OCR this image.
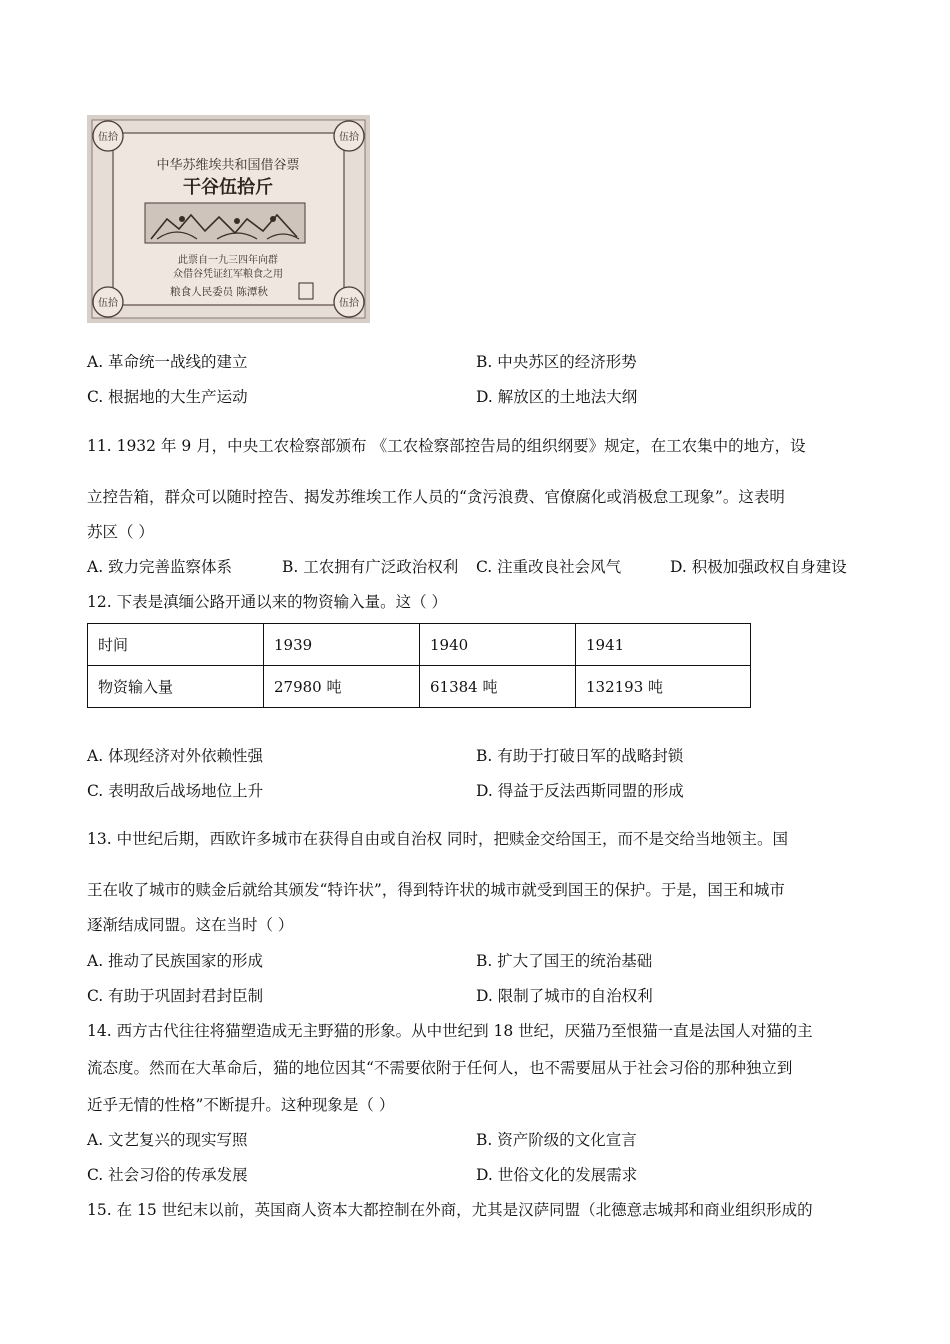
伍拾	伍拾
伍拾	伍拾
中华苏维埃共和国借谷票
干谷伍拾斤
此票自一九三四年向群
众借谷凭证红军粮食之用
粮食人民委员 陈潭秋
A. 革命统一战线的建立	B. 中央苏区的经济形势
C. 根据地的大生产运动	D. 解放区的土地法大纲
11. 1932 年 9 月，中央工农检察部颁布 《工农检察部控告局的组织纲要》规定，在工农集中的地方，设
立控告箱，群众可以随时控告、揭发苏维埃工作人员的“贪污浪费、官僚腐化或消极怠工现象”。这表明
苏区（ ）
A. 致力完善监察体系	B. 工农拥有广泛政治权利 C. 注重改良社会风气	D. 积极加强政权自身建设
12. 下表是滇缅公路开通以来的物资输入量。这（ ）
时间	1939	1940	1941
物资输入量	27980 吨	61384 吨	132193 吨
A. 体现经济对外依赖性强	B. 有助于打破日军的战略封锁
C. 表明敌后战场地位上升	D. 得益于反法西斯同盟的形成
13. 中世纪后期，西欧许多城市在获得自由或自治权 同时，把赎金交给国王，而不是交给当地领主。国
王在收了城市的赎金后就给其颁发“特许状”，得到特许状的城市就受到国王的保护。于是，国王和城市
逐渐结成同盟。这在当时（ ）
A. 推动了民族国家的形成	B. 扩大了国王的统治基础
C. 有助于巩固封君封臣制	D. 限制了城市的自治权利
14. 西方古代往往将猫塑造成无主野猫的形象。从中世纪到 18 世纪，厌猫乃至恨猫一直是法国人对猫的主
流态度。然而在大革命后，猫的地位因其“不需要依附于任何人，也不需要屈从于社会习俗的那种独立到
近乎无情的性格”不断提升。这种现象是（ ）
A. 文艺复兴的现实写照	B. 资产阶级的文化宣言
C. 社会习俗的传承发展	D. 世俗文化的发展需求
15. 在 15 世纪末以前，英国商人资本大都控制在外商，尤其是汉萨同盟（北德意志城邦和商业组织形成的
